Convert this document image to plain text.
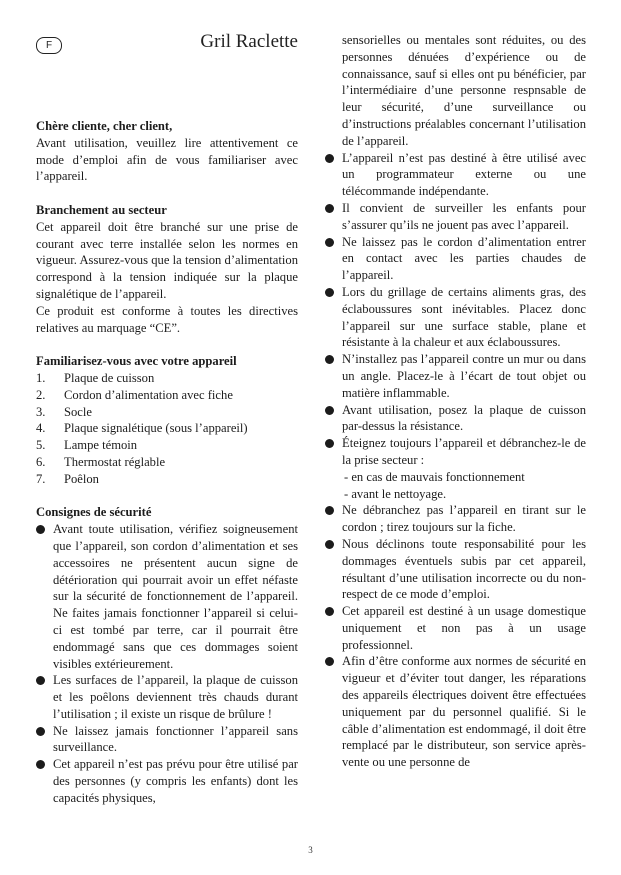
F	Gril Raclette

Chère cliente, cher client,

Avant utilisation, veuillez lire attentivement ce mode d’emploi afin de vous familiariser avec l’appareil.

Branchement au secteur

Cet appareil doit être branché sur une prise de courant avec terre installée selon les normes en vigueur. Assurez-vous que la tension d’alimentation correspond à la tension indiquée sur la plaque signalétique de l’appareil.

Ce produit est conforme à toutes les directives relatives au marquage “CE”.

Familiarisez-vous avec votre appareil

1.	Plaque de cuisson
2.	Cordon d’alimentation avec fiche
3.	Socle
4.	Plaque signalétique (sous l’appareil)
5.	Lampe témoin
6.	Thermostat réglable
7.	Poêlon

Consignes de sécurité

Avant toute utilisation, vérifiez soigneusement que l’appareil, son cordon d’alimentation et ses accessoires ne présentent aucun signe de détérioration qui pourrait avoir un effet néfaste sur la sécurité de fonctionnement de l’appareil. Ne faites jamais fonctionner l’appareil si celui-ci est tombé par terre, car il pourrait être endommagé sans que ces dommages soient visibles extérieurement.
Les surfaces de l’appareil, la plaque de cuisson et les poêlons deviennent très chauds durant l’utilisation ; il existe un risque de brûlure !
Ne laissez jamais fonctionner l’appareil sans surveillance.
Cet appareil n’est pas prévu pour être utilisé par des personnes (y compris les enfants) dont les capacités physiques,

sensorielles ou mentales sont réduites, ou des personnes dénuées d’expérience ou de connaissance, sauf si elles ont pu bénéficier, par l’intermédiaire d’une personne respnsable de leur sécurité, d’une surveillance ou d’instructions préalables concernant l’utilisation de l’appareil.

L’appareil n’est pas destiné à être utilisé avec un programmateur externe ou une télécommande indépendante.
Il convient de surveiller les enfants pour s’assurer qu’ils ne jouent pas avec l’appareil.
Ne laissez pas le cordon d’alimentation entrer en contact avec les parties chaudes de l’appareil.
Lors du grillage de certains aliments gras, des éclaboussures sont inévitables. Placez donc l’appareil sur une surface stable, plane et résistante à la chaleur et aux éclaboussures.
N’installez pas l’appareil contre un mur ou dans un angle. Placez-le à l’écart de tout objet ou matière inflammable.
Avant utilisation, posez la plaque de cuisson par-dessus la résistance.
Éteignez toujours l’appareil et débranchez-le de la prise secteur :
- en cas de mauvais fonctionnement
- avant le nettoyage.
Ne débranchez pas l’appareil en tirant sur le cordon ; tirez toujours sur la fiche.
Nous déclinons toute responsabilité pour les dommages éventuels subis par cet appareil, résultant d’une utilisation incorrecte ou du non-respect de ce mode d’emploi.
Cet appareil est destiné à un usage domestique uniquement et non pas à un usage professionnel.
Afin d’être conforme aux normes de sécurité en vigueur et d’éviter tout danger, les réparations des appareils électriques doivent être effectuées uniquement par du personnel qualifié. Si le câble d’alimentation est endommagé, il doit être remplacé par le distributeur, son service après-vente ou une personne de
3
